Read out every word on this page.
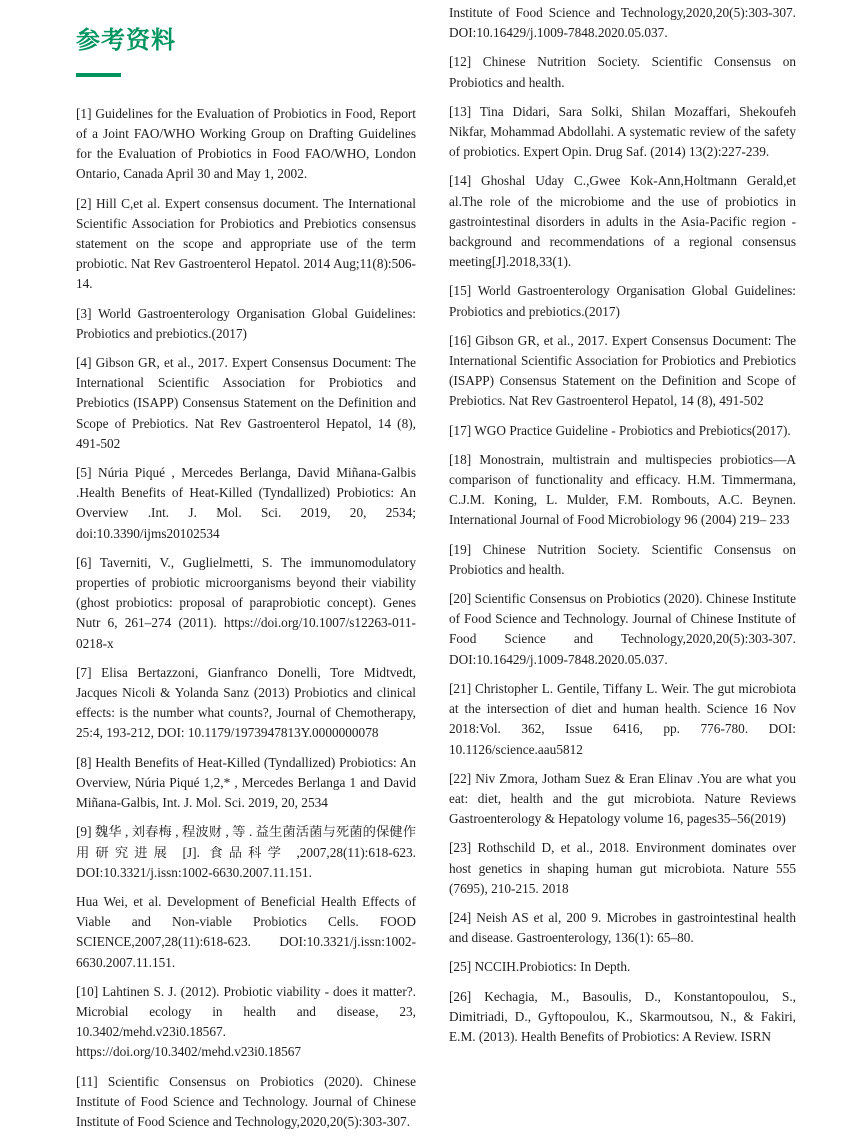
参考资料

[1] Guidelines for the Evaluation of Probiotics in Food, Report of a Joint FAO/WHO Working Group on Drafting Guidelines for the Evaluation of Probiotics in Food FAO/WHO, London Ontario, Canada April 30 and May 1, 2002.

[2] Hill C,et al. Expert consensus document. The International Scientific Association for Probiotics and Prebiotics consensus statement on the scope and appropriate use of the term probiotic. Nat Rev Gastroenterol Hepatol. 2014 Aug;11(8):506-14.

[3] World Gastroenterology Organisation Global Guidelines: Probiotics and prebiotics.(2017)

[4] Gibson GR, et al., 2017. Expert Consensus Document: The International Scientific Association for Probiotics and Prebiotics (ISAPP) Consensus Statement on the Definition and Scope of Prebiotics. Nat Rev Gastroenterol Hepatol, 14 (8), 491-502

[5] Núria Piqué , Mercedes Berlanga, David Miñana-Galbis .Health Benefits of Heat-Killed (Tyndallized) Probiotics: An Overview .Int. J. Mol. Sci. 2019, 20, 2534; doi:10.3390/ijms20102534

[6] Taverniti, V., Guglielmetti, S. The immunomodulatory properties of probiotic microorganisms beyond their viability (ghost probiotics: proposal of paraprobiotic concept). Genes Nutr 6, 261–274 (2011). https://doi.org/10.1007/s12263-011-0218-x

[7] Elisa Bertazzoni, Gianfranco Donelli, Tore Midtvedt, Jacques Nicoli & Yolanda Sanz (2013) Probiotics and clinical effects: is the number what counts?, Journal of Chemotherapy, 25:4, 193-212, DOI: 10.1179/1973947813Y.0000000078

[8] Health Benefits of Heat-Killed (Tyndallized) Probiotics: An Overview, Núria Piqué 1,2,* , Mercedes Berlanga 1 and David Miñana-Galbis, Int. J. Mol. Sci. 2019, 20, 2534

[9] 魏华 , 刘春梅 , 程波财 , 等 . 益生菌活菌与死菌的保健作用研究进展 [J]. 食品科学 ,2007,28(11):618-623. DOI:10.3321/j.issn:1002-6630.2007.11.151.

Hua Wei, et al. Development of Beneficial Health Effects of Viable and Non-viable Probiotics Cells. FOOD SCIENCE,2007,28(11):618-623. DOI:10.3321/j.issn:1002-6630.2007.11.151.

[10] Lahtinen S. J. (2012). Probiotic viability - does it matter?. Microbial ecology in health and disease, 23, 10.3402/mehd.v23i0.18567. https://doi.org/10.3402/mehd.v23i0.18567

[11] Scientific Consensus on Probiotics (2020). Chinese Institute of Food Science and Technology. Journal of Chinese Institute of Food Science and Technology,2020,20(5):303-307.

Institute of Food Science and Technology,2020,20(5):303-307. DOI:10.16429/j.1009-7848.2020.05.037.

[12] Chinese Nutrition Society. Scientific Consensus on Probiotics and health.

[13] Tina Didari, Sara Solki, Shilan Mozaffari, Shekoufeh Nikfar, Mohammad Abdollahi. A systematic review of the safety of probiotics. Expert Opin. Drug Saf. (2014) 13(2):227-239.

[14] Ghoshal Uday C.,Gwee Kok-Ann,Holtmann Gerald,et al.The role of the microbiome and the use of probiotics in gastrointestinal disorders in adults in the Asia-Pacific region - background and recommendations of a regional consensus meeting[J].2018,33(1).

[15] World Gastroenterology Organisation Global Guidelines: Probiotics and prebiotics.(2017)

[16] Gibson GR, et al., 2017. Expert Consensus Document: The International Scientific Association for Probiotics and Prebiotics (ISAPP) Consensus Statement on the Definition and Scope of Prebiotics. Nat Rev Gastroenterol Hepatol, 14 (8), 491-502

[17] WGO Practice Guideline - Probiotics and Prebiotics(2017).

[18] Monostrain, multistrain and multispecies probiotics—A comparison of functionality and efficacy. H.M. Timmermana, C.J.M. Koning, L. Mulder, F.M. Rombouts, A.C. Beynen. International Journal of Food Microbiology 96 (2004) 219– 233

[19] Chinese Nutrition Society. Scientific Consensus on Probiotics and health.

[20] Scientific Consensus on Probiotics (2020). Chinese Institute of Food Science and Technology. Journal of Chinese Institute of Food Science and Technology,2020,20(5):303-307. DOI:10.16429/j.1009-7848.2020.05.037.

[21] Christopher L. Gentile, Tiffany L. Weir. The gut microbiota at the intersection of diet and human health. Science 16 Nov 2018:Vol. 362, Issue 6416, pp. 776-780. DOI: 10.1126/science.aau5812

[22] Niv Zmora, Jotham Suez & Eran Elinav .You are what you eat: diet, health and the gut microbiota. Nature Reviews Gastroenterology & Hepatology volume 16, pages35–56(2019)

[23] Rothschild D, et al., 2018. Environment dominates over host genetics in shaping human gut microbiota. Nature 555 (7695), 210-215. 2018

[24] Neish AS et al, 200 9. Microbes in gastrointestinal health and disease. Gastroenterology, 136(1): 65–80.

[25] NCCIH.Probiotics: In Depth.

[26] Kechagia, M., Basoulis, D., Konstantopoulou, S., Dimitriadi, D., Gyftopoulou, K., Skarmoutsou, N., & Fakiri, E.M. (2013). Health Benefits of Probiotics: A Review. ISRN
